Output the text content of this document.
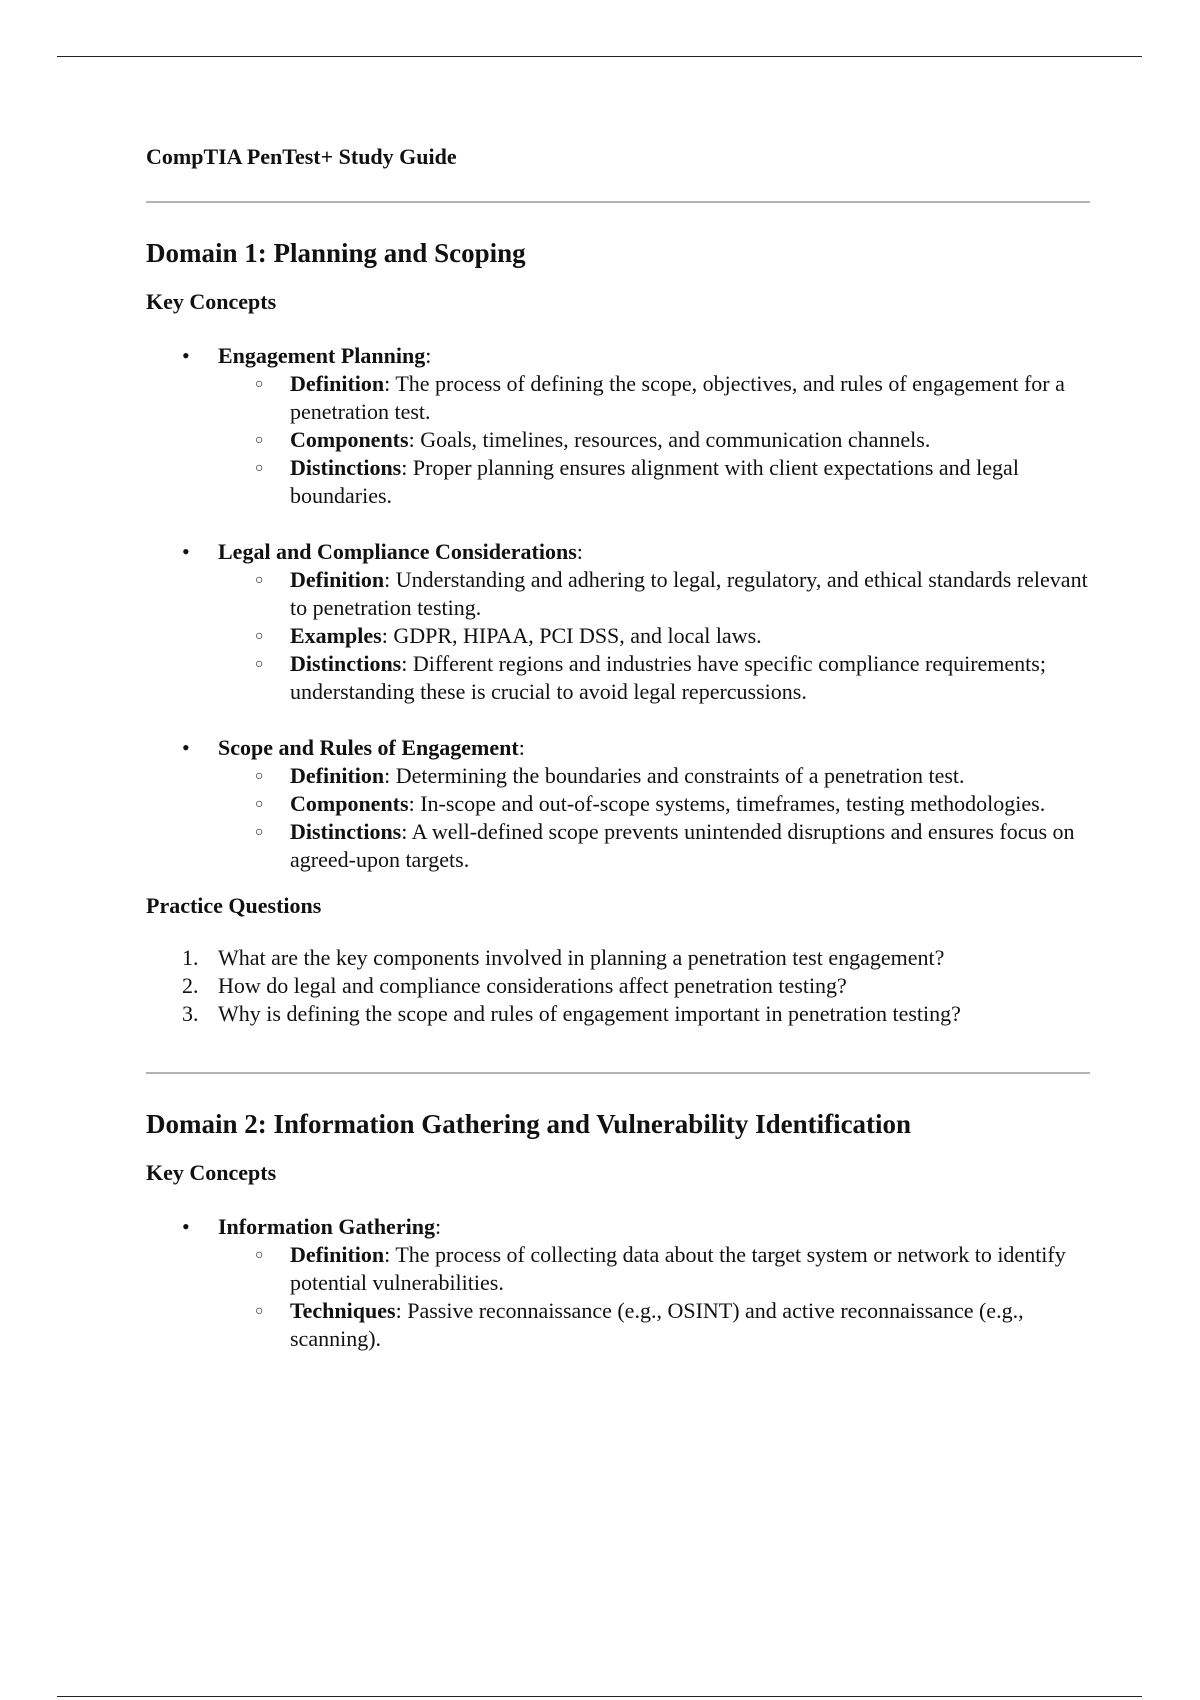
CompTIA PenTest+ Study Guide

Domain 1: Planning and Scoping
Key Concepts
• Engagement Planning:
○ Definition: The process of defining the scope, objectives, and rules of engagement for a penetration test.
○ Components: Goals, timelines, resources, and communication channels.
○ Distinctions: Proper planning ensures alignment with client expectations and legal boundaries.
• Legal and Compliance Considerations:
○ Definition: Understanding and adhering to legal, regulatory, and ethical standards relevant to penetration testing.
○ Examples: GDPR, HIPAA, PCI DSS, and local laws.
○ Distinctions: Different regions and industries have specific compliance requirements; understanding these is crucial to avoid legal repercussions.
• Scope and Rules of Engagement:
○ Definition: Determining the boundaries and constraints of a penetration test.
○ Components: In-scope and out-of-scope systems, timeframes, testing methodologies.
○ Distinctions: A well-defined scope prevents unintended disruptions and ensures focus on agreed-upon targets.
Practice Questions
1. What are the key components involved in planning a penetration test engagement?
2. How do legal and compliance considerations affect penetration testing?
3. Why is defining the scope and rules of engagement important in penetration testing?
Domain 2: Information Gathering and Vulnerability Identification
Key Concepts
• Information Gathering:
○ Definition: The process of collecting data about the target system or network to identify potential vulnerabilities.
○ Techniques: Passive reconnaissance (e.g., OSINT) and active reconnaissance (e.g., scanning).
